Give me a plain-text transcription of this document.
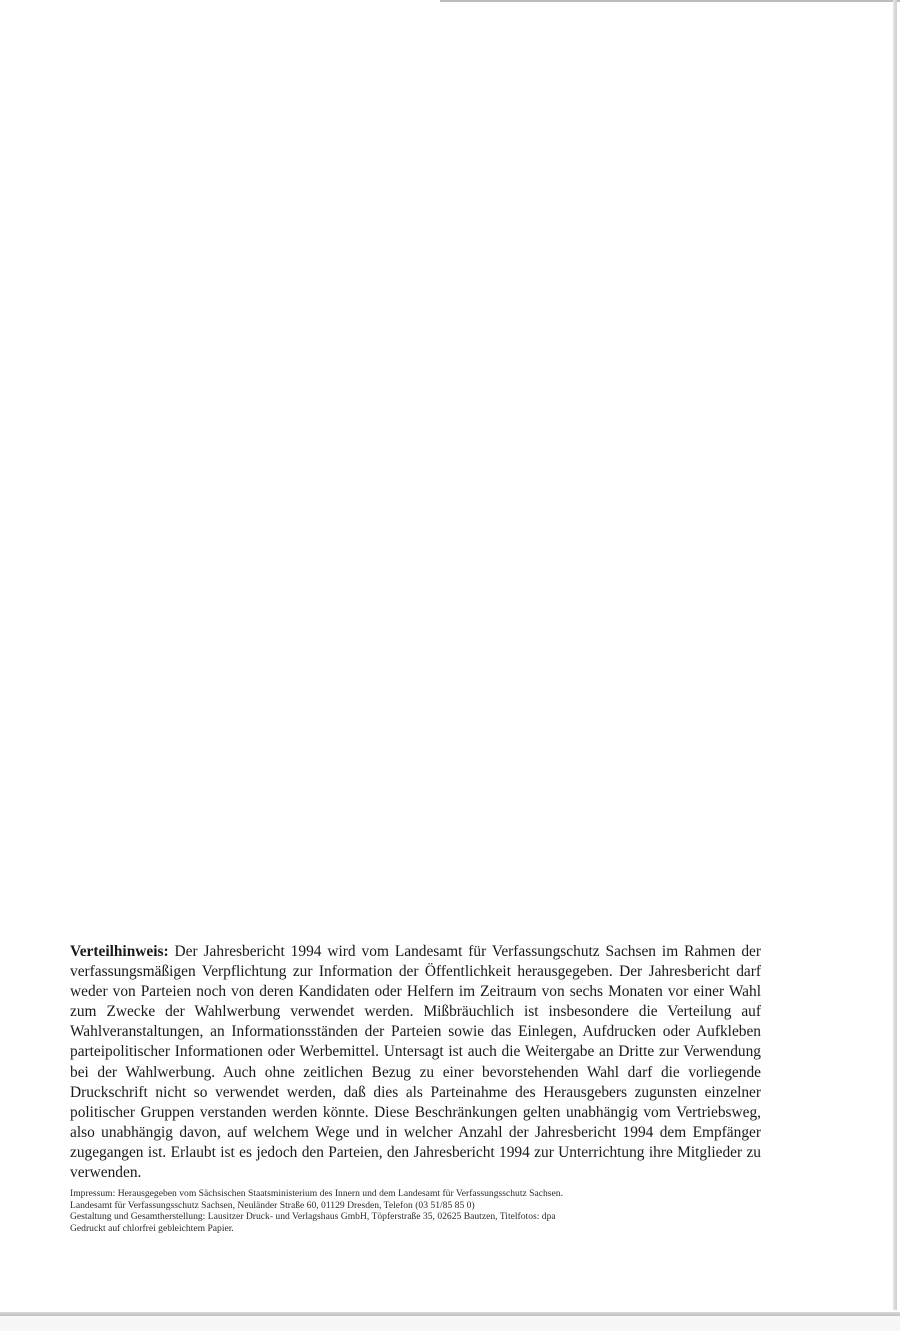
Verteilhinweis: Der Jahresbericht 1994 wird vom Landesamt für Verfassungschutz Sachsen im Rahmen der verfassungsmäßigen Verpflichtung zur Information der Öffentlichkeit herausgegeben. Der Jahresbericht darf weder von Parteien noch von deren Kandidaten oder Helfern im Zeitraum von sechs Monaten vor einer Wahl zum Zwecke der Wahlwerbung verwendet werden. Mißbräuchlich ist insbesondere die Verteilung auf Wahlveranstaltungen, an Informationsständen der Parteien sowie das Einlegen, Aufdrucken oder Aufkleben parteipolitischer Informationen oder Werbemittel. Untersagt ist auch die Weitergabe an Dritte zur Verwendung bei der Wahlwerbung. Auch ohne zeitlichen Bezug zu einer bevorstehenden Wahl darf die vorliegende Druckschrift nicht so verwendet werden, daß dies als Parteinahme des Herausgebers zugunsten einzelner politischer Gruppen verstanden werden könnte. Diese Beschränkungen gelten unabhängig vom Vertriebsweg, also unabhängig davon, auf welchem Wege und in welcher Anzahl der Jahresbericht 1994 dem Empfänger zugegangen ist. Erlaubt ist es jedoch den Parteien, den Jahresbericht 1994 zur Unterrichtung ihre Mitglieder zu verwenden.
Impressum: Herausgegeben vom Sächsischen Staatsministerium des Innern und dem Landesamt für Verfassungsschutz Sachsen.
Landesamt für Verfassungsschutz Sachsen, Neuländer Straße 60, 01129 Dresden, Telefon (03 51/85 85 0)
Gestaltung und Gesamtherstellung: Lausitzer Druck- und Verlagshaus GmbH, Töpferstraße 35, 02625 Bautzen, Titelfotos: dpa
Gedruckt auf chlorfrei gebleichtem Papier.
